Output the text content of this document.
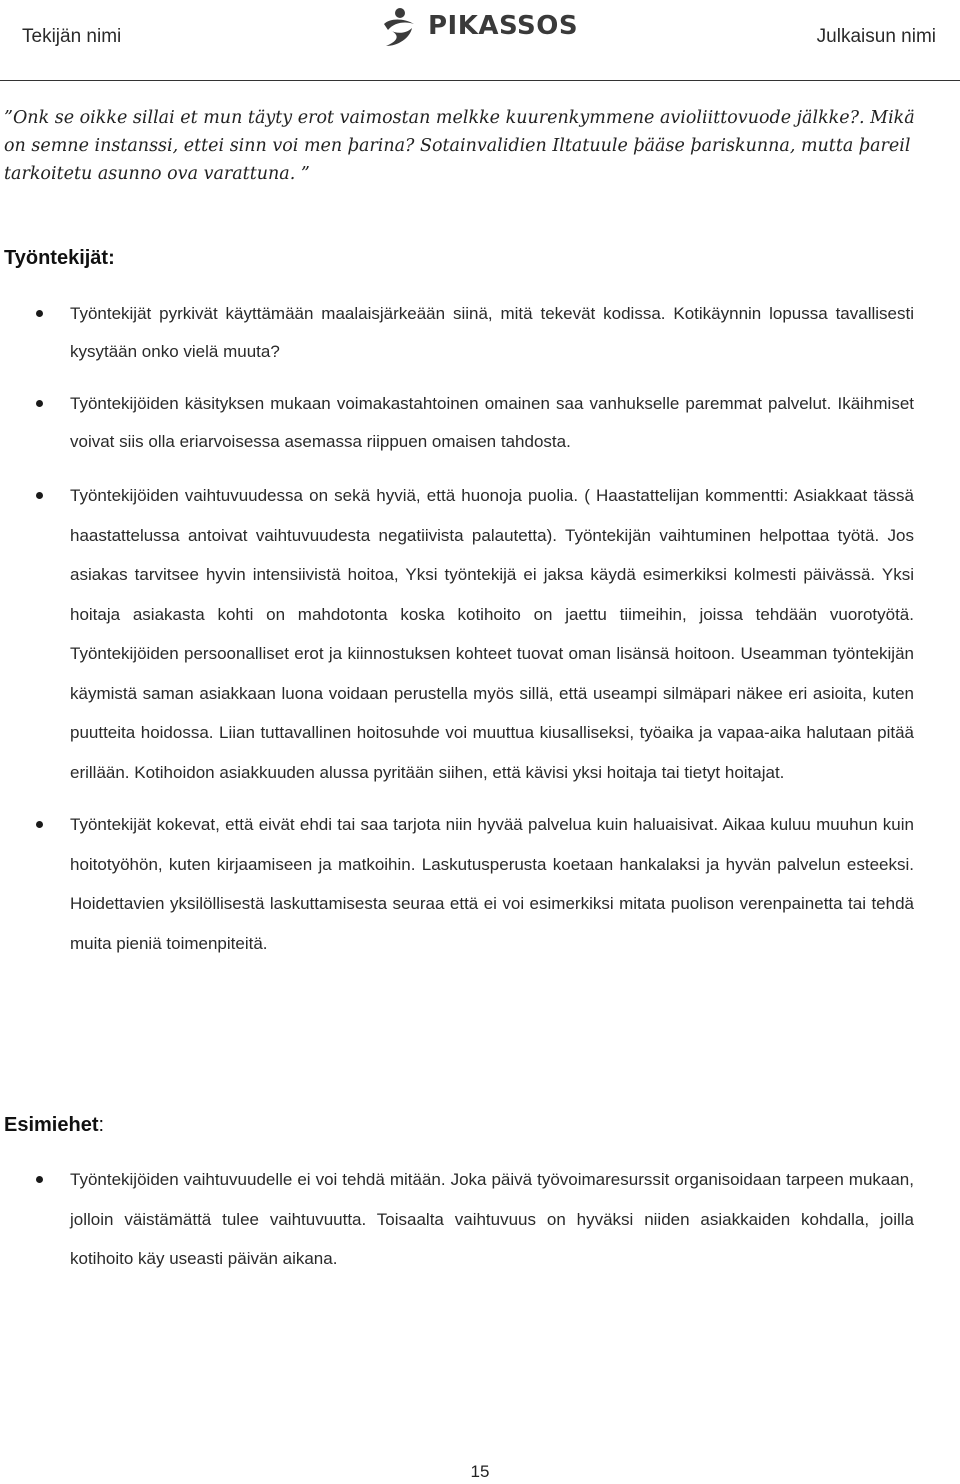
Tekijän nimi	PIKASSOS	Julkaisun nimi
”Onk se oikke sillai et mun täyty erot vaimostan melkke kuurenkymmene avioliittovuode jälkke?. Mikä on semne instanssi, ettei sinn voi men þarina? Sotainvalidien Iltatuule þääse þariskunna, mutta þareil tarkoitetu asunno ova varattuna. ”
Työntekijät:
Työntekijät pyrkivät käyttämään maalaisjärkeään siinä, mitä tekevät kodissa. Kotikäynnin lopussa tavallisesti kysytään onko vielä muuta?
Työntekijöiden käsityksen mukaan voimakastahtoinen omainen saa vanhukselle paremmat palvelut. Ikäihmiset voivat siis olla eriarvoisessa asemassa riippuen omaisen tahdosta.
Työntekijöiden vaihtuvuudessa on sekä hyviä, että huonoja puolia. ( Haastattelijan kommentti: Asiakkaat tässä haastattelussa antoivat vaihtuvuudesta negatiivista palautetta). Työntekijän vaihtuminen helpottaa työtä. Jos asiakas tarvitsee hyvin intensiivistä hoitoa, Yksi työntekijä ei jaksa käydä esimerkiksi kolmesti päivässä. Yksi hoitaja asiakasta kohti on mahdotonta koska kotihoito on jaettu tiimeihin, joissa tehdään vuorotyötä. Työntekijöiden persoonalliset erot ja kiinnostuksen kohteet tuovat oman lisänsä hoitoon. Useamman työntekijän käymistä saman asiakkaan luona voidaan perustella myös sillä, että useampi silmäpari näkee eri asioita, kuten puutteita hoidossa. Liian tuttavallinen hoitosuhde voi muuttua kiusalliseksi, työaika ja vapaa-aika halutaan pitää erillään. Kotihoidon asiakkuuden alussa pyritään siihen, että kävisi yksi hoitaja tai tietyt hoitajat.
Työntekijät kokevat, että eivät ehdi tai saa tarjota niin hyvää palvelua kuin haluaisivat. Aikaa kuluu muuhun kuin hoitotyöhön, kuten kirjaamiseen ja matkoihin. Laskutusperusta koetaan hankalaksi ja hyvän palvelun esteeksi. Hoidettavien yksilöllisestä laskuttamisesta seuraa että ei voi esimerkiksi mitata puolison verenpainetta tai tehdä muita pieniä toimenpiteitä.
Esimiehet:
Työntekijöiden vaihtuvuudelle ei voi tehdä mitään. Joka päivä työvoimaresurssit organisoidaan tarpeen mukaan, jolloin väistämättä tulee vaihtuvuutta. Toisaalta vaihtuvuus on hyväksi niiden asiakkaiden kohdalla, joilla kotihoito käy useasti päivän aikana.
15
